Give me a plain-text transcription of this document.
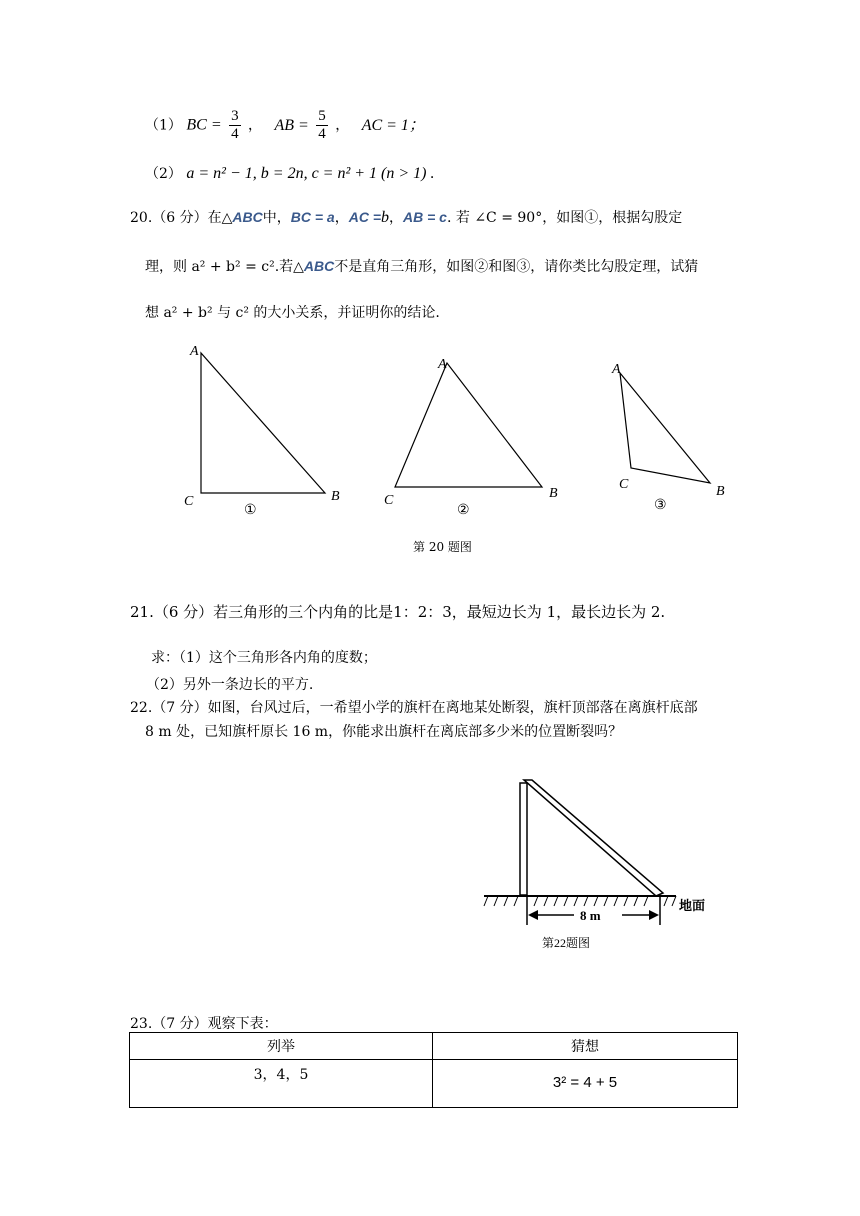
（1） BC = $\frac{3}{4}$ ， AB = $\frac{5}{4}$ ， AC = 1；
（2） a = n² − 1, b = 2n, c = n² + 1 (n > 1) .
20.（6 分）在△ABC中，BC = a，AC =b，AB = c. 若 ∠C = 90°，如图①，根据勾股定
理，则 a² + b² = c².若△ABC不是直角三角形，如图②和图③，请你类比勾股定理，试猜
想 a² + b² 与 c² 的大小关系，并证明你的结论.
A
C	B
①
A
C	B
②
A
C	B
③
第 20 题图
21.（6 分）若三角形的三个内角的比是1：2：3，最短边长为 1，最长边长为 2.
求：（1）这个三角形各内角的度数；
（2）另外一条边长的平方.
22.（7 分）如图，台风过后，一希望小学的旗杆在离地某处断裂，旗杆顶部落在离旗杆底部
8 m 处，已知旗杆原长 16 m，你能求出旗杆在离底部多少米的位置断裂吗？
8 m
地面
第22题图
23.（7 分）观察下表：
列举	猜想
3，4，5	3² = 4 + 5
